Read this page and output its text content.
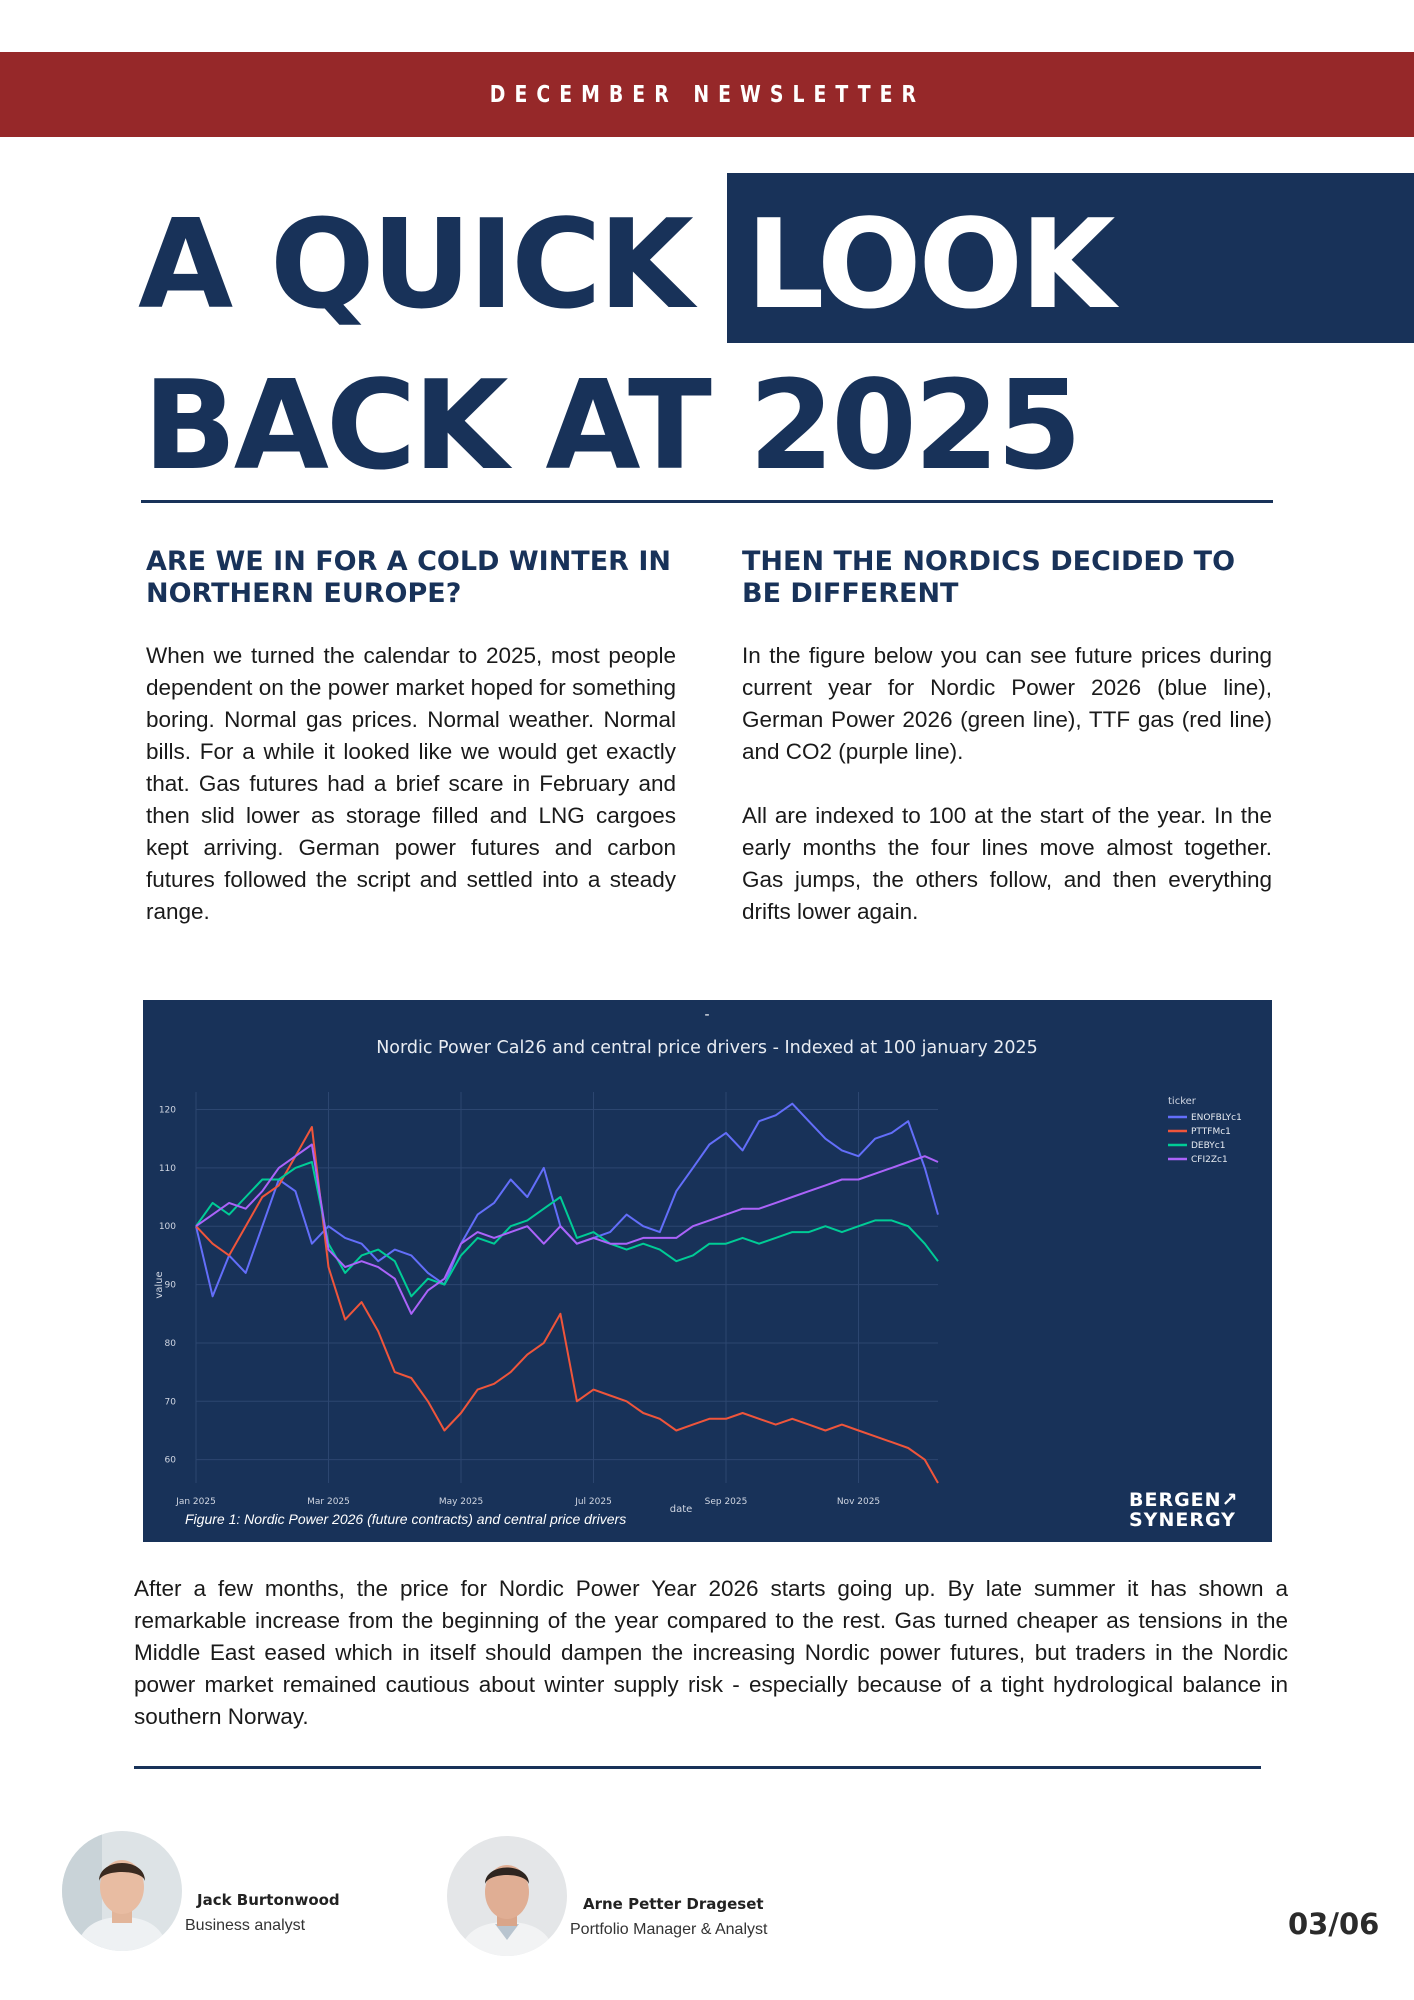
DECEMBER NEWSLETTER
A QUICK LOOK
BACK AT 2025
ARE WE IN FOR A COLD WINTER IN NORTHERN EUROPE?

When we turned the calendar to 2025, most people dependent on the power market hoped for something boring. Normal gas prices. Normal weather. Normal bills. For a while it looked like we would get exactly that. Gas futures had a brief scare in February and then slid lower as storage filled and LNG cargoes kept arriving. German power futures and carbon futures followed the script and settled into a steady range.

THEN THE NORDICS DECIDED TO BE DIFFERENT

In the figure below you can see future prices during current year for Nordic Power 2026 (blue line), German Power 2026 (green line), TTF gas (red line) and CO2 (purple line).

All are indexed to 100 at the start of the year. In the early months the four lines move almost together. Gas jumps, the others follow, and then everything drifts lower again.

-
Nordic Power Cal26 and central price drivers - Indexed at 100 january 2025
60
70
80
90
100
110
120
Jan 2025	Mar 2025	May 2025	Jul 2025	Sep 2025	Nov 2025
value
date
ticker
ENOFBLYc1
PTTFMc1
DEBYc1
CFI2Zc1
Figure 1: Nordic Power 2026 (future contracts) and central price drivers
BERGEN↗
SYNERGY

After a few months, the price for Nordic Power Year 2026 starts going up. By late summer it has shown a remarkable increase from the beginning of the year compared to the rest. Gas turned cheaper as tensions in the Middle East eased which in itself should dampen the increasing Nordic power futures, but traders in the Nordic power market remained cautious about winter supply risk - especially because of a tight hydrological balance in southern Norway.

Jack Burtonwood
Business analyst
Arne Petter Drageset
Portfolio Manager & Analyst	03/06
